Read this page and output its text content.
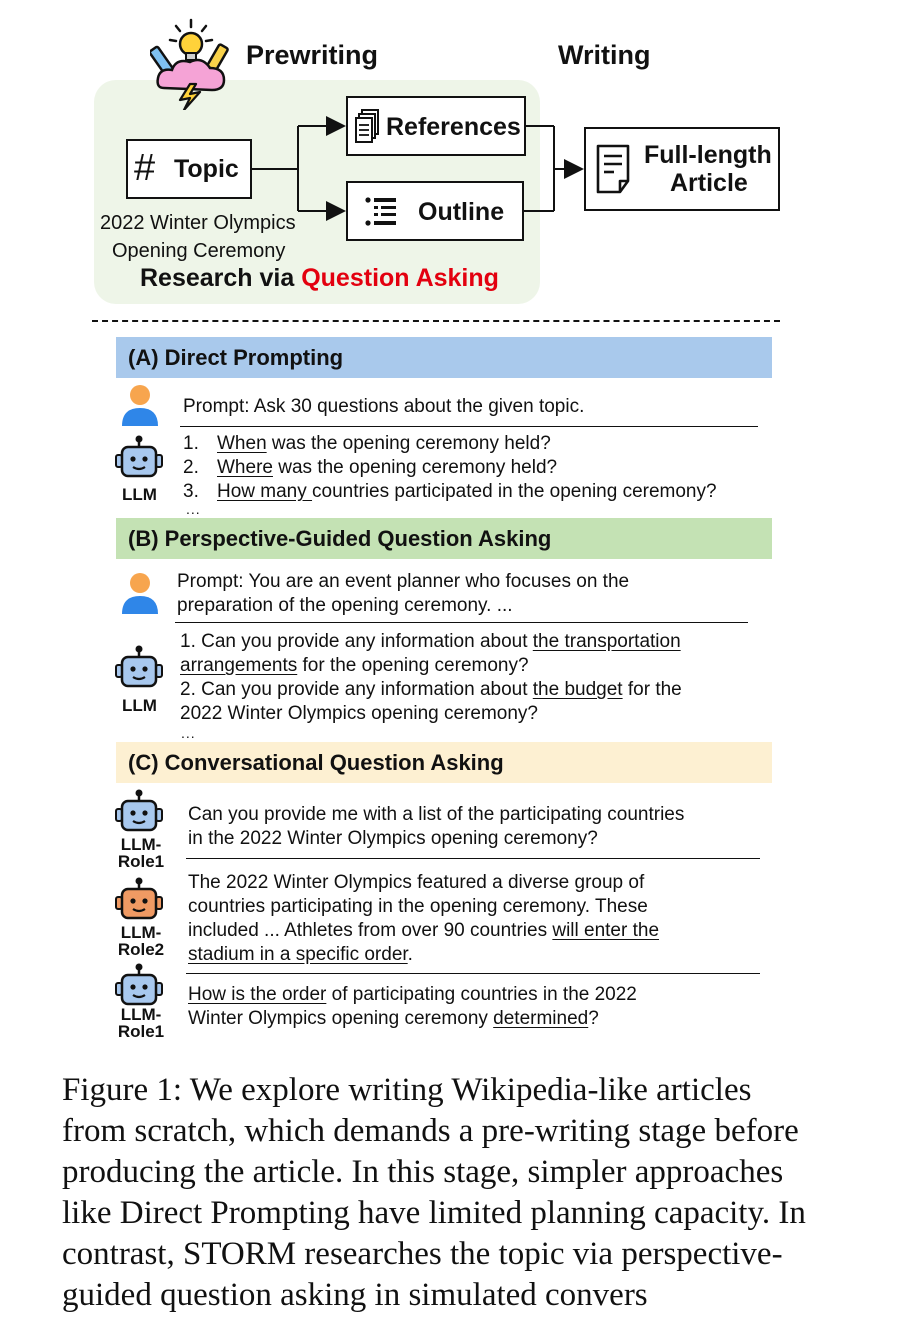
Prewriting	Writing
# Topic
2022 Winter Olympics
Opening Ceremony
References
Outline
Full-length
Article
Research via Question Asking
(A) Direct Prompting
Prompt: Ask 30 questions about the given topic.
LLM
1. When was the opening ceremony held?
2. Where was the opening ceremony held?
3. How many countries participated in the opening ceremony?
...
(B) Perspective-Guided Question Asking
Prompt: You are an event planner who focuses on the
preparation of the opening ceremony. ...
LLM
1. Can you provide any information about the transportation
arrangements for the opening ceremony?
2. Can you provide any information about the budget for the
2022 Winter Olympics opening ceremony?
...
(C) Conversational Question Asking
LLM-
Role1
Can you provide me with a list of the participating countries
in the 2022 Winter Olympics opening ceremony?
LLM-
Role2
The 2022 Winter Olympics featured a diverse group of
countries participating in the opening ceremony. These
included ... Athletes from over 90 countries will enter the
stadium in a specific order.
LLM-
Role1
How is the order of participating countries in the 2022
Winter Olympics opening ceremony determined?
Figure 1: We explore writing Wikipedia-like articles
from scratch, which demands a pre-writing stage before
producing the article. In this stage, simpler approaches
like Direct Prompting have limited planning capacity. In
contrast, STORM researches the topic via perspective-
guided question asking in simulated convers
